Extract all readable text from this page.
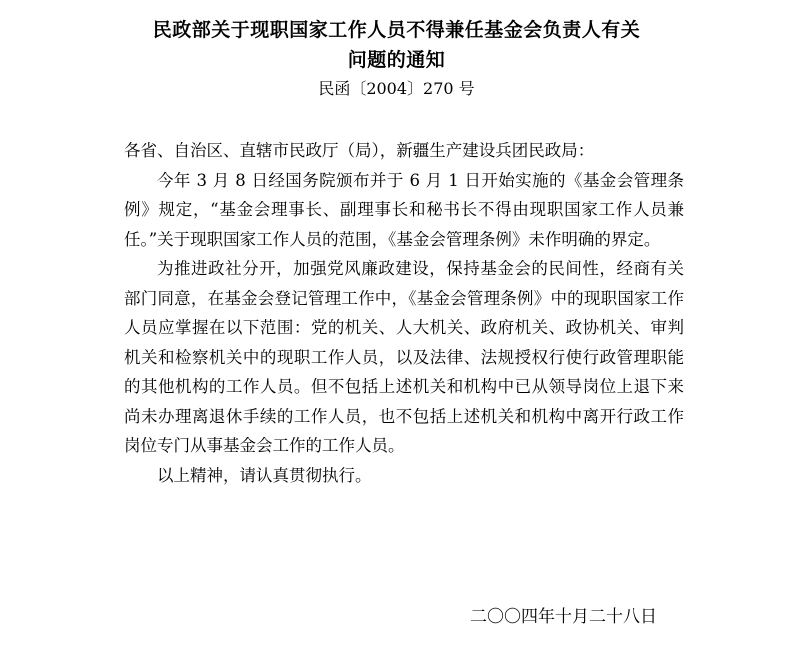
民政部关于现职国家工作人员不得兼任基金会负责人有关
问题的通知
民函〔2004〕270 号

各省、自治区、直辖市民政厅（局），新疆生产建设兵团民政局：

今年 3 月 8 日经国务院颁布并于 6 月 1 日开始实施的《基金会管理条例》规定，“基金会理事长、副理事长和秘书长不得由现职国家工作人员兼任。”关于现职国家工作人员的范围，《基金会管理条例》未作明确的界定。

为推进政社分开，加强党风廉政建设，保持基金会的民间性，经商有关部门同意，在基金会登记管理工作中，《基金会管理条例》中的现职国家工作人员应掌握在以下范围：党的机关、人大机关、政府机关、政协机关、审判机关和检察机关中的现职工作人员，以及法律、法规授权行使行政管理职能的其他机构的工作人员。但不包括上述机关和机构中已从领导岗位上退下来尚未办理离退休手续的工作人员，也不包括上述机关和机构中离开行政工作岗位专门从事基金会工作的工作人员。

以上精神，请认真贯彻执行。

二〇〇四年十月二十八日
